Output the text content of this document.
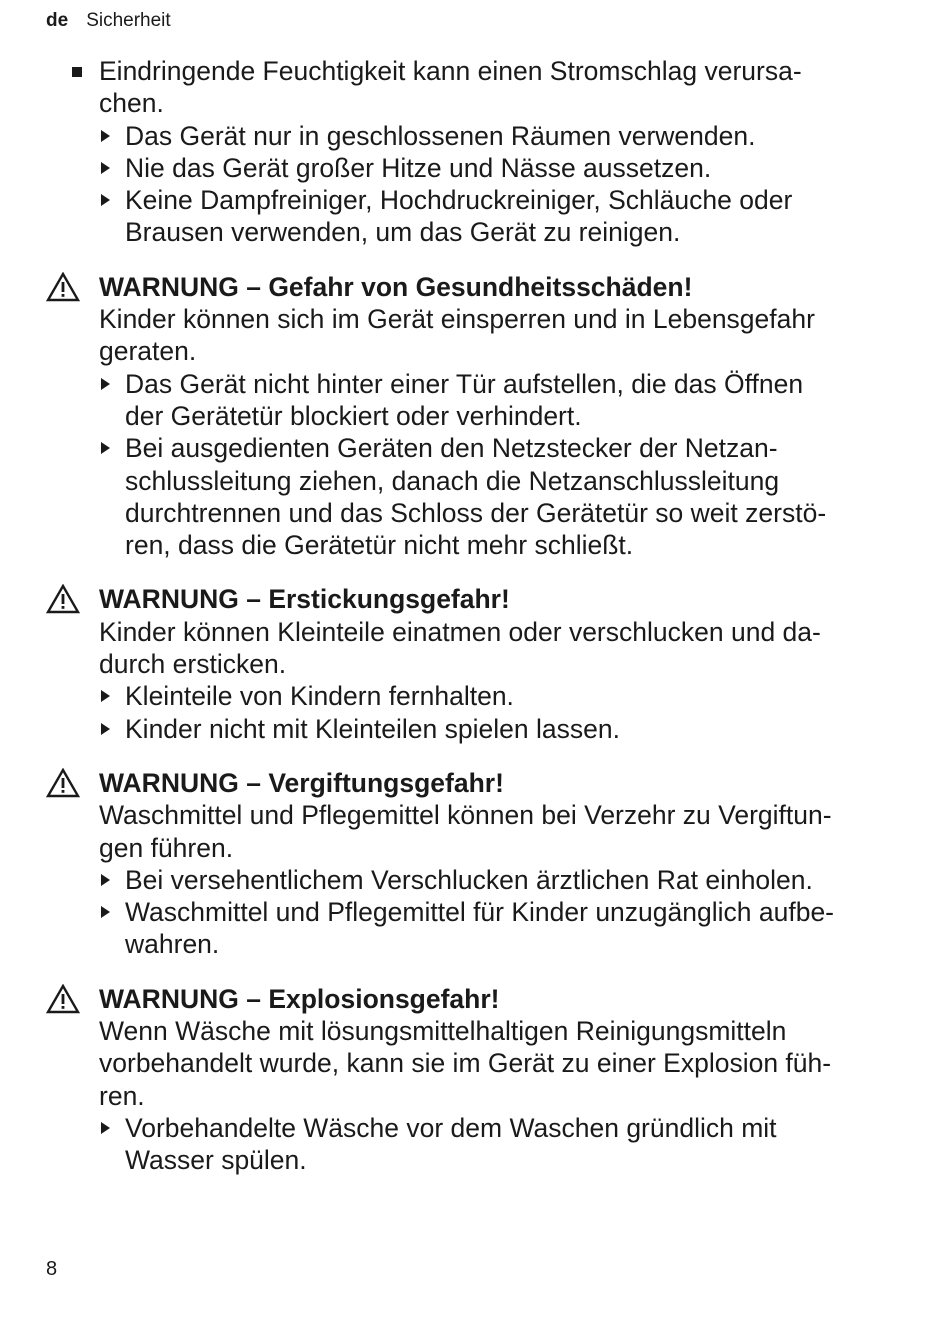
de Sicherheit
Eindringende Feuchtigkeit kann einen Stromschlag verursa-
chen.
Das Gerät nur in geschlossenen Räumen verwenden.
Nie das Gerät großer Hitze und Nässe aussetzen.
Keine Dampfreiniger, Hochdruckreiniger, Schläuche oder
Brausen verwenden, um das Gerät zu reinigen.
WARNUNG – Gefahr von Gesundheitsschäden!
Kinder können sich im Gerät einsperren und in Lebensgefahr
geraten.
Das Gerät nicht hinter einer Tür aufstellen, die das Öffnen
der Gerätetür blockiert oder verhindert.
Bei ausgedienten Geräten den Netzstecker der Netzan-
schlussleitung ziehen, danach die Netzanschlussleitung
durchtrennen und das Schloss der Gerätetür so weit zerstö-
ren, dass die Gerätetür nicht mehr schließt.
WARNUNG – Erstickungsgefahr!
Kinder können Kleinteile einatmen oder verschlucken und da-
durch ersticken.
Kleinteile von Kindern fernhalten.
Kinder nicht mit Kleinteilen spielen lassen.
WARNUNG – Vergiftungsgefahr!
Waschmittel und Pflegemittel können bei Verzehr zu Vergiftun-
gen führen.
Bei versehentlichem Verschlucken ärztlichen Rat einholen.
Waschmittel und Pflegemittel für Kinder unzugänglich aufbe-
wahren.
WARNUNG – Explosionsgefahr!
Wenn Wäsche mit lösungsmittelhaltigen Reinigungsmitteln
vorbehandelt wurde, kann sie im Gerät zu einer Explosion füh-
ren.
Vorbehandelte Wäsche vor dem Waschen gründlich mit
Wasser spülen.
8
